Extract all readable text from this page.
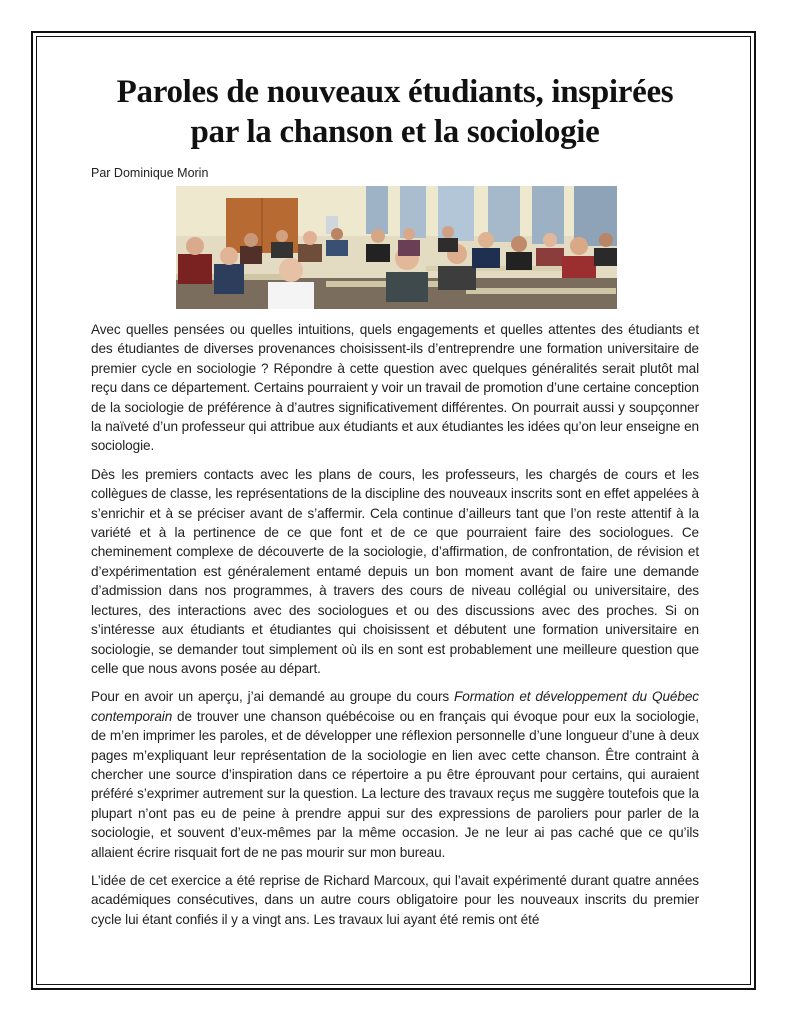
Paroles de nouveaux étudiants, inspirées
par la chanson et la sociologie

Par Dominique Morin

Avec quelles pensées ou quelles intuitions, quels engagements et quelles attentes des étudiants et des étudiantes de diverses provenances choisissent-ils d’entreprendre une formation universitaire de premier cycle en sociologie ? Répondre à cette question avec quelques généralités serait plutôt mal reçu dans ce département. Certains pourraient y voir un travail de promotion d’une certaine conception de la sociologie de préférence à d’autres significativement différentes. On pourrait aussi y soupçonner la naïveté d’un professeur qui attribue aux étudiants et aux étudiantes les idées qu’on leur enseigne en sociologie.

Dès les premiers contacts avec les plans de cours, les professeurs, les chargés de cours et les collègues de classe, les représentations de la discipline des nouveaux inscrits sont en effet appelées à s’enrichir et à se préciser avant de s’affermir. Cela continue d’ailleurs tant que l’on reste attentif à la variété et à la pertinence de ce que font et de ce que pourraient faire des sociologues. Ce cheminement complexe de découverte de la sociologie, d’affirmation, de confrontation, de révision et d’expérimentation est généralement entamé depuis un bon moment avant de faire une demande d’admission dans nos programmes, à travers des cours de niveau collégial ou universitaire, des lectures, des interactions avec des sociologues et ou des discussions avec des proches. Si on s’intéresse aux étudiants et étudiantes qui choisissent et débutent une formation universitaire en sociologie, se demander tout simplement où ils en sont est probablement une meilleure question que celle que nous avons posée au départ.

Pour en avoir un aperçu, j’ai demandé au groupe du cours Formation et développement du Québec contemporain de trouver une chanson québécoise ou en français qui évoque pour eux la sociologie, de m’en imprimer les paroles, et de développer une réflexion personnelle d’une longueur d’une à deux pages m’expliquant leur représentation de la sociologie en lien avec cette chanson. Être contraint à chercher une source d’inspiration dans ce répertoire a pu être éprouvant pour certains, qui auraient préféré s’exprimer autrement sur la question. La lecture des travaux reçus me suggère toutefois que la plupart n’ont pas eu de peine à prendre appui sur des expressions de paroliers pour parler de la sociologie, et souvent d’eux-mêmes par la même occasion. Je ne leur ai pas caché que ce qu’ils allaient écrire risquait fort de ne pas mourir sur mon bureau.

L’idée de cet exercice a été reprise de Richard Marcoux, qui l’avait expérimenté durant quatre années académiques consécutives, dans un autre cours obligatoire pour les nouveaux inscrits du premier cycle lui étant confiés il y a vingt ans. Les travaux lui ayant été remis ont été
